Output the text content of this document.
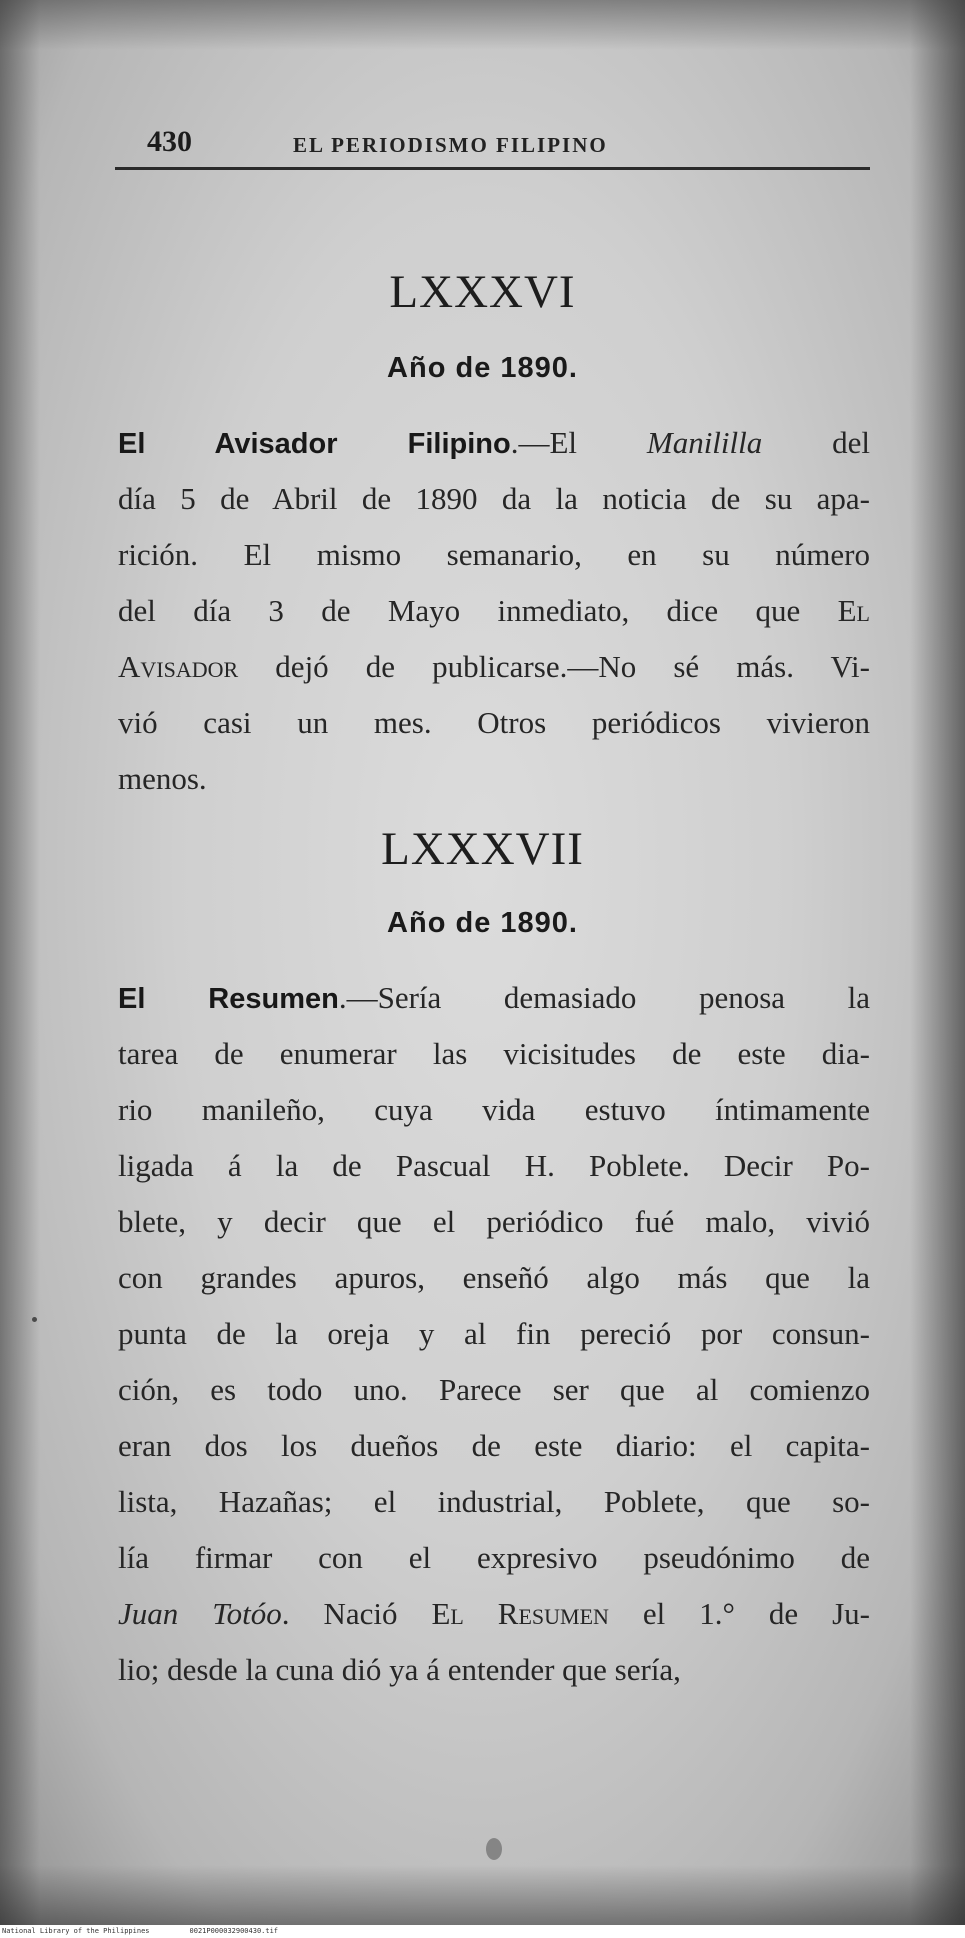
430	EL PERIODISMO FILIPINO
LXXXVI
Año de 1890.
El Avisador Filipino.—El Manililla del
día 5 de Abril de 1890 da la noticia de su apa-
rición. El mismo semanario, en su número
del día 3 de Mayo inmediato, dice que El
Avisador dejó de publicarse.—No sé más. Vi-
vió casi un mes. Otros periódicos vivieron
menos.
LXXXVII
Año de 1890.
El Resumen.—Sería demasiado penosa la
tarea de enumerar las vicisitudes de este dia-
rio manileño, cuya vida estuvo íntimamente
ligada á la de Pascual H. Poblete. Decir Po-
blete, y decir que el periódico fué malo, vivió
con grandes apuros, enseñó algo más que la
punta de la oreja y al fin pereció por consun-
ción, es todo uno. Parece ser que al comienzo
eran dos los dueños de este diario: el capita-
lista, Hazañas; el industrial, Poblete, que so-
lía firmar con el expresivo pseudónimo de
Juan Totóo. Nació El Resumen el 1.° de Ju-
lio; desde la cuna dió ya á entender que sería,
National Library of the Philippines	0021P000032900430.tif
